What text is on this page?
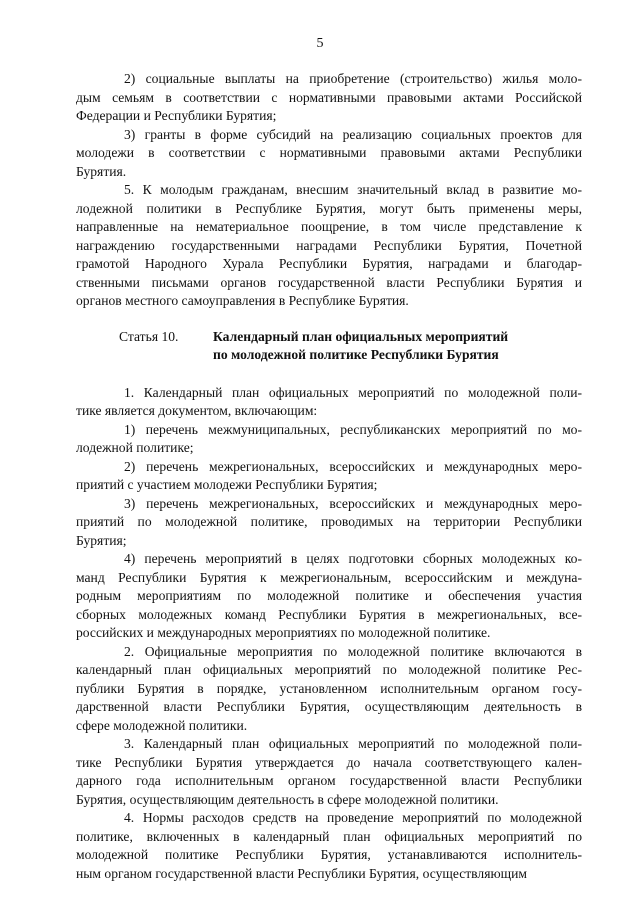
5
2) социальные выплаты на приобретение (строительство) жилья моло-
дым семьям в соответствии с нормативными правовыми актами Российской
Федерации и Республики Бурятия;
3) гранты в форме субсидий на реализацию социальных проектов для
молодежи в соответствии с нормативными правовыми актами Республики
Бурятия.
5. К молодым гражданам, внесшим значительный вклад в развитие мо-
лодежной политики в Республике Бурятия, могут быть применены меры,
направленные на нематериальное поощрение, в том числе представление к
награждению государственными наградами Республики Бурятия, Почетной
грамотой Народного Хурала Республики Бурятия, наградами и благодар-
ственными письмами органов государственной власти Республики Бурятия и
органов местного самоуправления в Республике Бурятия.
Статья 10.	Календарный план официальных мероприятий
по молодежной политике Республики Бурятия
1. Календарный план официальных мероприятий по молодежной поли-
тике является документом, включающим:
1) перечень межмуниципальных, республиканских мероприятий по мо-
лодежной политике;
2) перечень межрегиональных, всероссийских и международных меро-
приятий с участием молодежи Республики Бурятия;
3) перечень межрегиональных, всероссийских и международных меро-
приятий по молодежной политике, проводимых на территории Республики
Бурятия;
4) перечень мероприятий в целях подготовки сборных молодежных ко-
манд Республики Бурятия к межрегиональным, всероссийским и междуна-
родным мероприятиям по молодежной политике и обеспечения участия
сборных молодежных команд Республики Бурятия в межрегиональных, все-
российских и международных мероприятиях по молодежной политике.
2. Официальные мероприятия по молодежной политике включаются в
календарный план официальных мероприятий по молодежной политике Рес-
публики Бурятия в порядке, установленном исполнительным органом госу-
дарственной власти Республики Бурятия, осуществляющим деятельность в
сфере молодежной политики.
3. Календарный план официальных мероприятий по молодежной поли-
тике Республики Бурятия утверждается до начала соответствующего кален-
дарного года исполнительным органом государственной власти Республики
Бурятия, осуществляющим деятельность в сфере молодежной политики.
4. Нормы расходов средств на проведение мероприятий по молодежной
политике, включенных в календарный план официальных мероприятий по
молодежной политике Республики Бурятия, устанавливаются исполнитель-
ным органом государственной власти Республики Бурятия, осуществляющим
